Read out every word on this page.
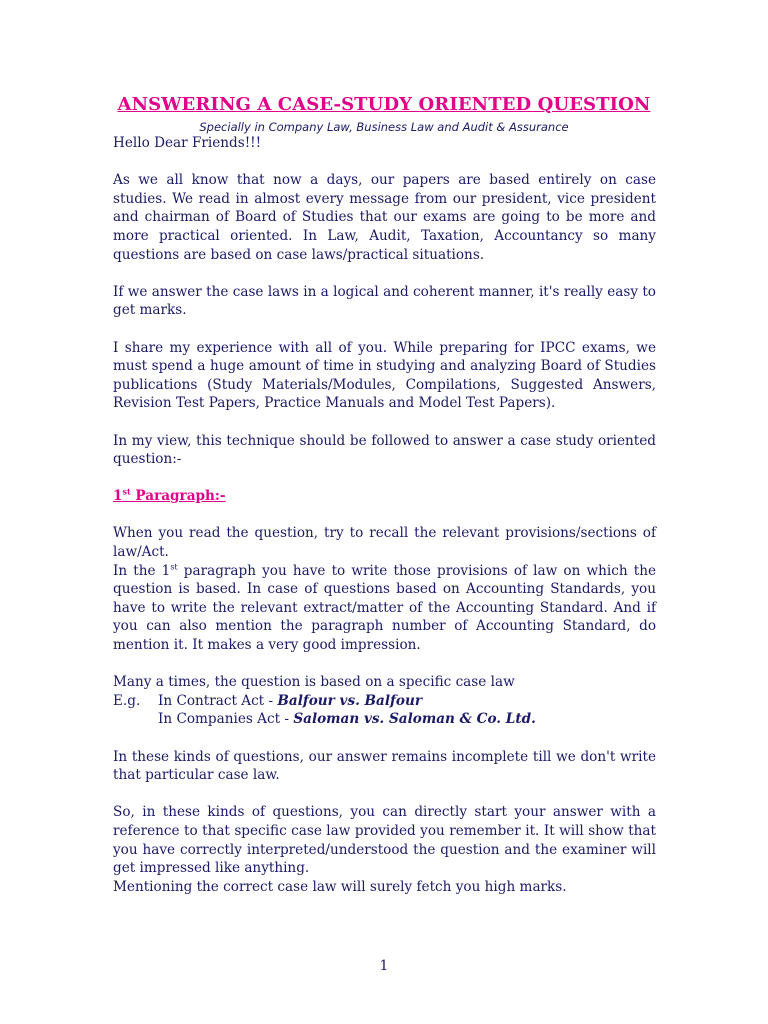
ANSWERING A CASE-STUDY ORIENTED QUESTION
Specially in Company Law, Business Law and Audit & Assurance

Hello Dear Friends!!!

As we all know that now a days, our papers are based entirely on case studies. We read in almost every message from our president, vice president and chairman of Board of Studies that our exams are going to be more and more practical oriented. In Law, Audit, Taxation, Accountancy so many questions are based on case laws/practical situations.

If we answer the case laws in a logical and coherent manner, it's really easy to get marks.

I share my experience with all of you. While preparing for IPCC exams, we must spend a huge amount of time in studying and analyzing Board of Studies publications (Study Materials/Modules, Compilations, Suggested Answers, Revision Test Papers, Practice Manuals and Model Test Papers).

In my view, this technique should be followed to answer a case study oriented question:-

1st Paragraph:-

When you read the question, try to recall the relevant provisions/sections of law/Act.

In the 1st paragraph you have to write those provisions of law on which the question is based. In case of questions based on Accounting Standards, you have to write the relevant extract/matter of the Accounting Standard. And if you can also mention the paragraph number of Accounting Standard, do mention it. It makes a very good impression.

Many a times, the question is based on a specific case law

E.g. In Contract Act - Balfour vs. Balfour
In Companies Act - Saloman vs. Saloman & Co. Ltd.

In these kinds of questions, our answer remains incomplete till we don't write that particular case law.

So, in these kinds of questions, you can directly start your answer with a reference to that specific case law provided you remember it. It will show that you have correctly interpreted/understood the question and the examiner will get impressed like anything.

Mentioning the correct case law will surely fetch you high marks.

1
